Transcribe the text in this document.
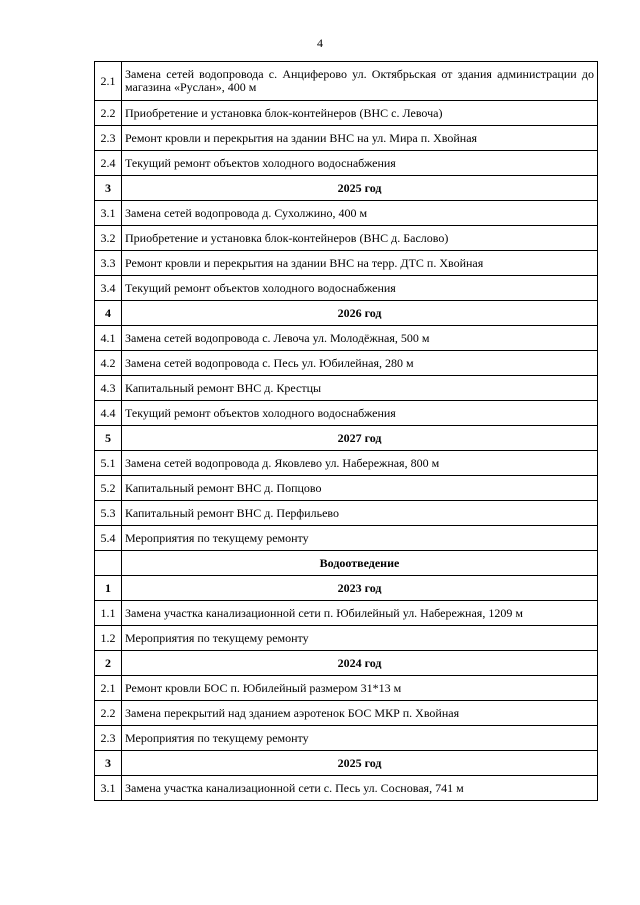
4
2.1	Замена сетей водопровода с. Анциферово ул. Октябрьская от здания администрации до магазина «Руслан», 400 м
2.2	Приобретение и установка блок-контейнеров (ВНС с. Левоча)
2.3	Ремонт кровли и перекрытия на здании ВНС на ул. Мира п. Хвойная
2.4	Текущий ремонт объектов холодного водоснабжения
3	2025 год
3.1	Замена сетей водопровода д. Сухолжино, 400 м
3.2	Приобретение и установка блок-контейнеров (ВНС д. Баслово)
3.3	Ремонт кровли и перекрытия на здании ВНС на терр. ДТС п. Хвойная
3.4	Текущий ремонт объектов холодного водоснабжения
4	2026 год
4.1	Замена сетей водопровода с. Левоча ул. Молодёжная, 500 м
4.2	Замена сетей водопровода с. Песь ул. Юбилейная, 280 м
4.3	Капитальный ремонт ВНС д. Крестцы
4.4	Текущий ремонт объектов холодного водоснабжения
5	2027 год
5.1	Замена сетей водопровода д. Яковлево ул. Набережная, 800 м
5.2	Капитальный ремонт ВНС д. Попцово
5.3	Капитальный ремонт ВНС д. Перфильево
5.4	Мероприятия по текущему ремонту
	Водоотведение
1	2023 год
1.1	Замена участка канализационной сети п. Юбилейный ул. Набережная, 1209 м
1.2	Мероприятия по текущему ремонту
2	2024 год
2.1	Ремонт кровли БОС п. Юбилейный размером 31*13 м
2.2	Замена перекрытий над зданием аэротенок БОС МКР п. Хвойная
2.3	Мероприятия по текущему ремонту
3	2025 год
3.1	Замена участка канализационной сети с. Песь ул. Сосновая, 741 м
